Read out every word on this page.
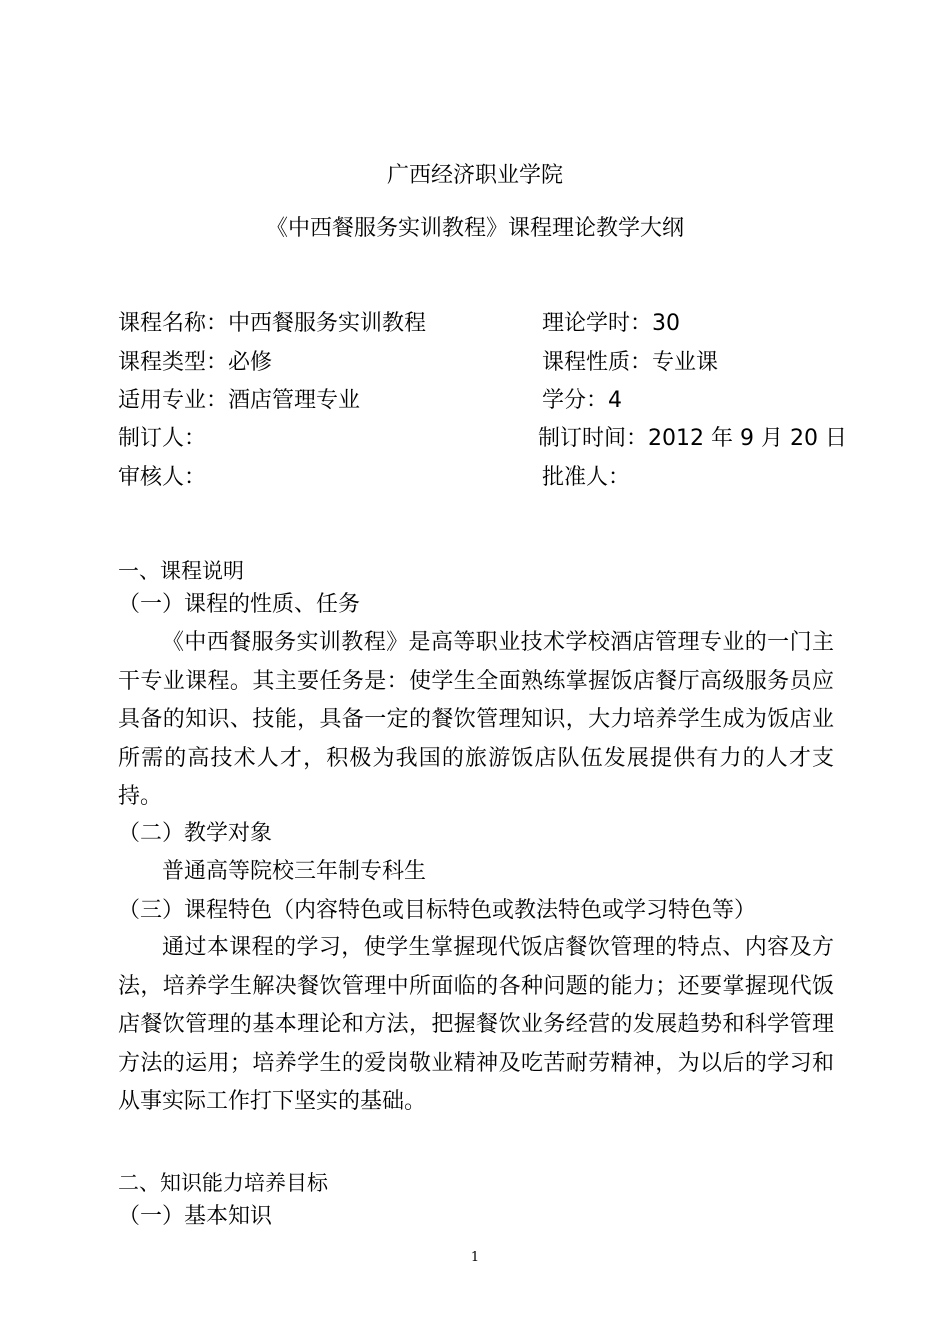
广西经济职业学院
《中西餐服务实训教程》课程理论教学大纲
课程名称：中西餐服务实训教程	理论学时：30
课程类型：必修	课程性质：专业课
适用专业：酒店管理专业	学分：4
制订人：	制订时间：2012 年 9 月 20 日
审核人：	批准人：
一、课程说明
（一）课程的性质、任务

《中西餐服务实训教程》是高等职业技术学校酒店管理专业的一门主干专业课程。其主要任务是：使学生全面熟练掌握饭店餐厅高级服务员应具备的知识、技能，具备一定的餐饮管理知识，大力培养学生成为饭店业所需的高技术人才，积极为我国的旅游饭店队伍发展提供有力的人才支持。

（二）教学对象
普通高等院校三年制专科生
（三）课程特色（内容特色或目标特色或教法特色或学习特色等）

通过本课程的学习，使学生掌握现代饭店餐饮管理的特点、内容及方法，培养学生解决餐饮管理中所面临的各种问题的能力；还要掌握现代饭店餐饮管理的基本理论和方法，把握餐饮业务经营的发展趋势和科学管理方法的运用；培养学生的爱岗敬业精神及吃苦耐劳精神，为以后的学习和从事实际工作打下坚实的基础。

二、知识能力培养目标
（一）基本知识
1
